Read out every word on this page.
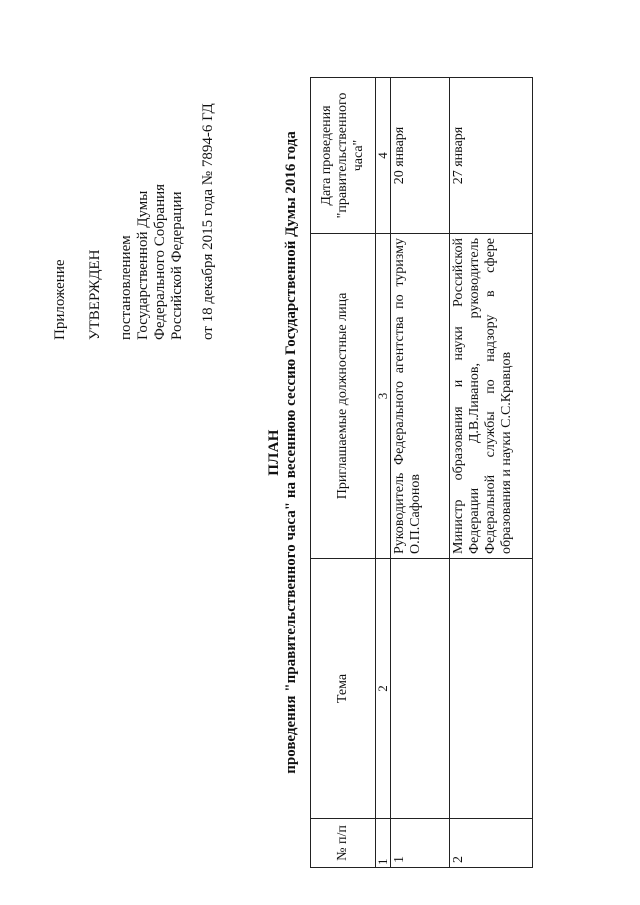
Приложение УТВЕРЖДЕН постановлением Государственной Думы Федерального Собрания Российской Федерации от 18 декабря 2015 года № 7894-6 ГД
ПЛАН проведения "правительственного часа" на весеннюю сессию Государственной Думы 2016 года
№ п/п	Тема	Приглашаемые должностные лица	Дата проведения "правительственного часа"
1	2	3	4
1		Руководитель Федерального агентства по туризму О.П.Сафонов	20 января
2		Министр образования и науки Российской Федерации Д.В.Ливанов, руководитель Федеральной службы по надзору в сфере образования и науки С.С.Кравцов	27 января
